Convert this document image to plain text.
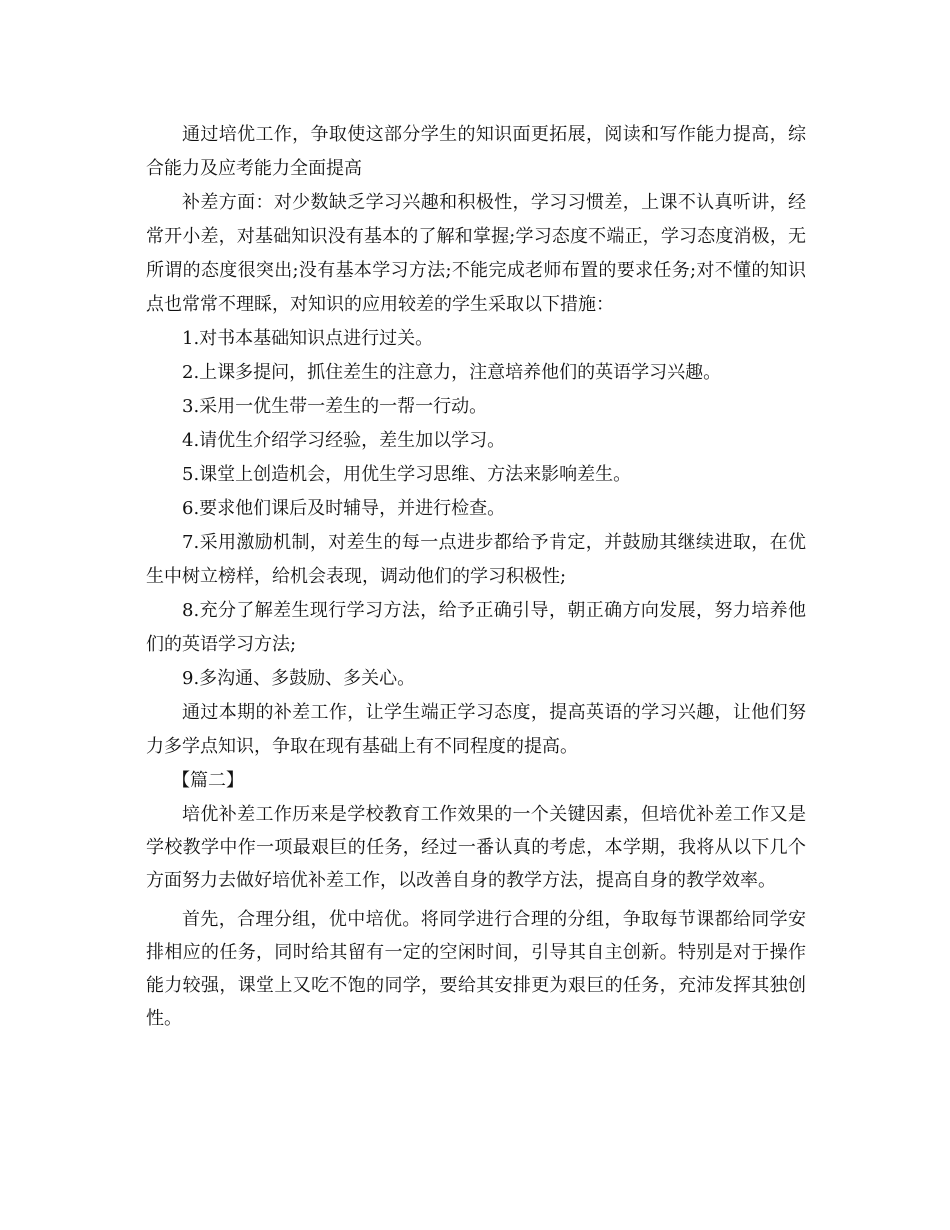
通过培优工作，争取使这部分学生的知识面更拓展，阅读和写作能力提高，综合能力及应考能力全面提高

补差方面：对少数缺乏学习兴趣和积极性，学习习惯差，上课不认真听讲，经常开小差，对基础知识没有基本的了解和掌握;学习态度不端正，学习态度消极，无所谓的态度很突出;没有基本学习方法;不能完成老师布置的要求任务;对不懂的知识点也常常不理睬，对知识的应用较差的学生采取以下措施：

1.对书本基础知识点进行过关。

2.上课多提问，抓住差生的注意力，注意培养他们的英语学习兴趣。

3.采用一优生带一差生的一帮一行动。

4.请优生介绍学习经验，差生加以学习。

5.课堂上创造机会，用优生学习思维、方法来影响差生。

6.要求他们课后及时辅导，并进行检查。

7.采用激励机制，对差生的每一点进步都给予肯定，并鼓励其继续进取，在优生中树立榜样，给机会表现，调动他们的学习积极性;

8.充分了解差生现行学习方法，给予正确引导，朝正确方向发展，努力培养他们的英语学习方法;

9.多沟通、多鼓励、多关心。

通过本期的补差工作，让学生端正学习态度，提高英语的学习兴趣，让他们努力多学点知识，争取在现有基础上有不同程度的提高。

【篇二】

培优补差工作历来是学校教育工作效果的一个关键因素，但培优补差工作又是学校教学中作一项最艰巨的任务，经过一番认真的考虑，本学期，我将从以下几个方面努力去做好培优补差工作，以改善自身的教学方法，提高自身的教学效率。

首先，合理分组，优中培优。将同学进行合理的分组，争取每节课都给同学安排相应的任务，同时给其留有一定的空闲时间，引导其自主创新。特别是对于操作能力较强，课堂上又吃不饱的同学，要给其安排更为艰巨的任务，充沛发挥其独创性。
